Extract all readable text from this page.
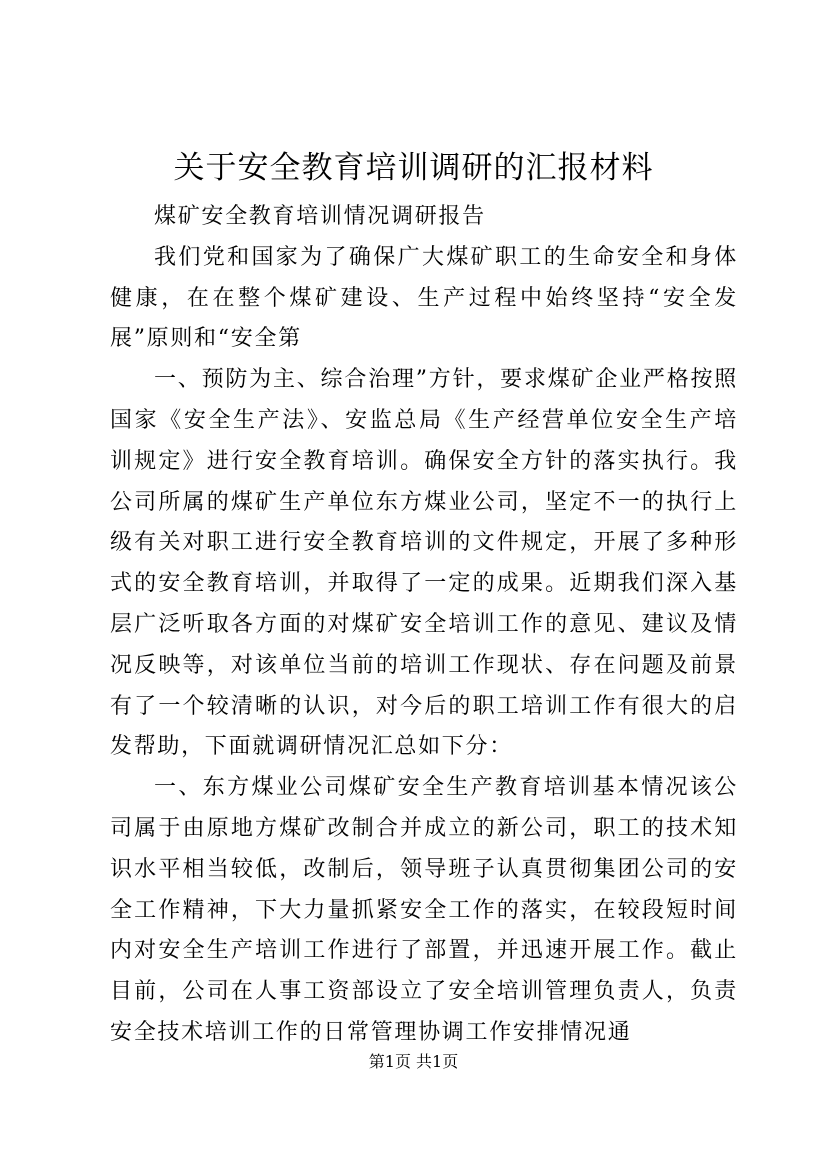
关于安全教育培训调研的汇报材料

煤矿安全教育培训情况调研报告

我们党和国家为了确保广大煤矿职工的生命安全和身体健康，在在整个煤矿建设、生产过程中始终坚持“安全发展”原则和“安全第

一、预防为主、综合治理”方针，要求煤矿企业严格按照国家《安全生产法》、安监总局《生产经营单位安全生产培训规定》进行安全教育培训。确保安全方针的落实执行。我公司所属的煤矿生产单位东方煤业公司，坚定不一的执行上级有关对职工进行安全教育培训的文件规定，开展了多种形式的安全教育培训，并取得了一定的成果。近期我们深入基层广泛听取各方面的对煤矿安全培训工作的意见、建议及情况反映等，对该单位当前的培训工作现状、存在问题及前景有了一个较清晰的认识，对今后的职工培训工作有很大的启发帮助，下面就调研情况汇总如下分：

一、东方煤业公司煤矿安全生产教育培训基本情况该公司属于由原地方煤矿改制合并成立的新公司，职工的技术知识水平相当较低，改制后，领导班子认真贯彻集团公司的安全工作精神，下大力量抓紧安全工作的落实，在较段短时间内对安全生产培训工作进行了部置，并迅速开展工作。截止目前，公司在人事工资部设立了安全培训管理负责人，负责安全技术培训工作的日常管理协调工作安排情况通

第1页 共1页
